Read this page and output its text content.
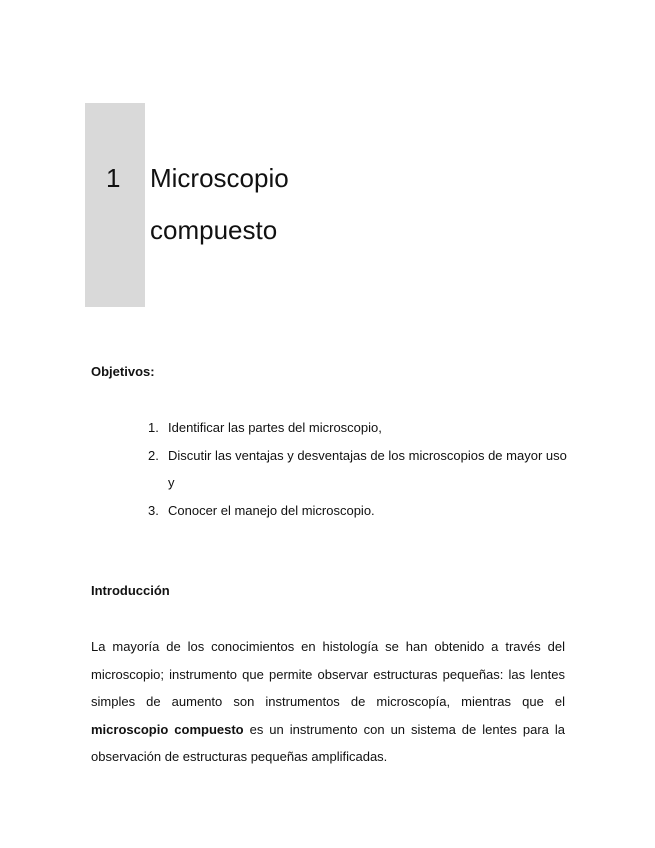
1 Microscopio
compuesto
Objetivos:
1. Identificar las partes del microscopio,
2. Discutir las ventajas y desventajas de los microscopios de mayor uso y
3. Conocer el manejo del microscopio.
Introducción

La mayoría de los conocimientos en histología se han obtenido a través del microscopio; instrumento que permite observar estructuras pequeñas: las lentes simples de aumento son instrumentos de microscopía, mientras que el microscopio compuesto es un instrumento con un sistema de lentes para la observación de estructuras pequeñas amplificadas.
